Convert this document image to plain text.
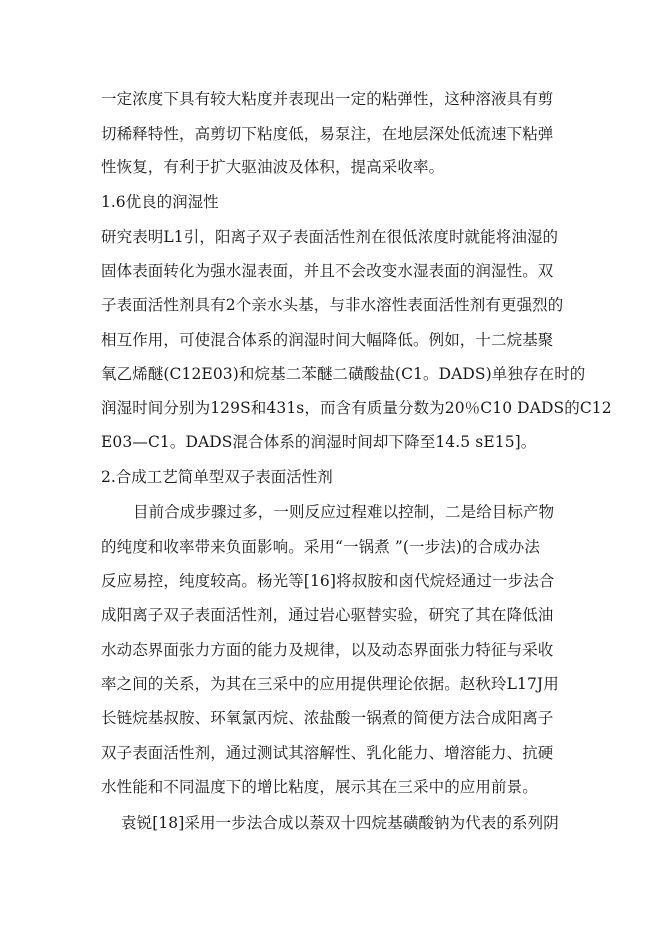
一定浓度下具有较大粘度并表现出一定的粘弹性，这种溶液具有剪
切稀释特性，高剪切下粘度低，易泵注，在地层深处低流速下粘弹
性恢复，有利于扩大驱油波及体积，提高采收率。
1.6优良的润湿性
研究表明L1引，阳离子双子表面活性剂在很低浓度时就能将油湿的
固体表面转化为强水湿表面，并且不会改变水湿表面的润湿性。双
子表面活性剂具有2个亲水头基，与非水溶性表面活性剂有更强烈的
相互作用，可使混合体系的润湿时间大幅降低。例如，十二烷基聚
氧乙烯醚(C12E03)和烷基二苯醚二磺酸盐(C1。DADS)单独存在时的
润湿时间分别为129S和431s，而含有质量分数为20％C10 DADS的C12
E03—C1。DADS混合体系的润湿时间却下降至14.5 sE15]。
2.合成工艺简单型双子表面活性剂
目前合成步骤过多，一则反应过程难以控制，二是给目标产物
的纯度和收率带来负面影响。采用“一锅煮 ”(一步法)的合成办法
反应易控，纯度较高。杨光等[16]将叔胺和卤代烷烃通过一步法合
成阳离子双子表面活性剂，通过岩心驱替实验，研究了其在降低油
水动态界面张力方面的能力及规律，以及动态界面张力特征与采收
率之间的关系，为其在三采中的应用提供理论依据。赵秋玲L17J用
长链烷基叔胺、环氧氯丙烷、浓盐酸一锅煮的简便方法合成阳离子
双子表面活性剂，通过测试其溶解性、乳化能力、增溶能力、抗硬
水性能和不同温度下的增比粘度，展示其在三采中的应用前景。
袁锐[18]采用一步法合成以萘双十四烷基磺酸钠为代表的系列阴
